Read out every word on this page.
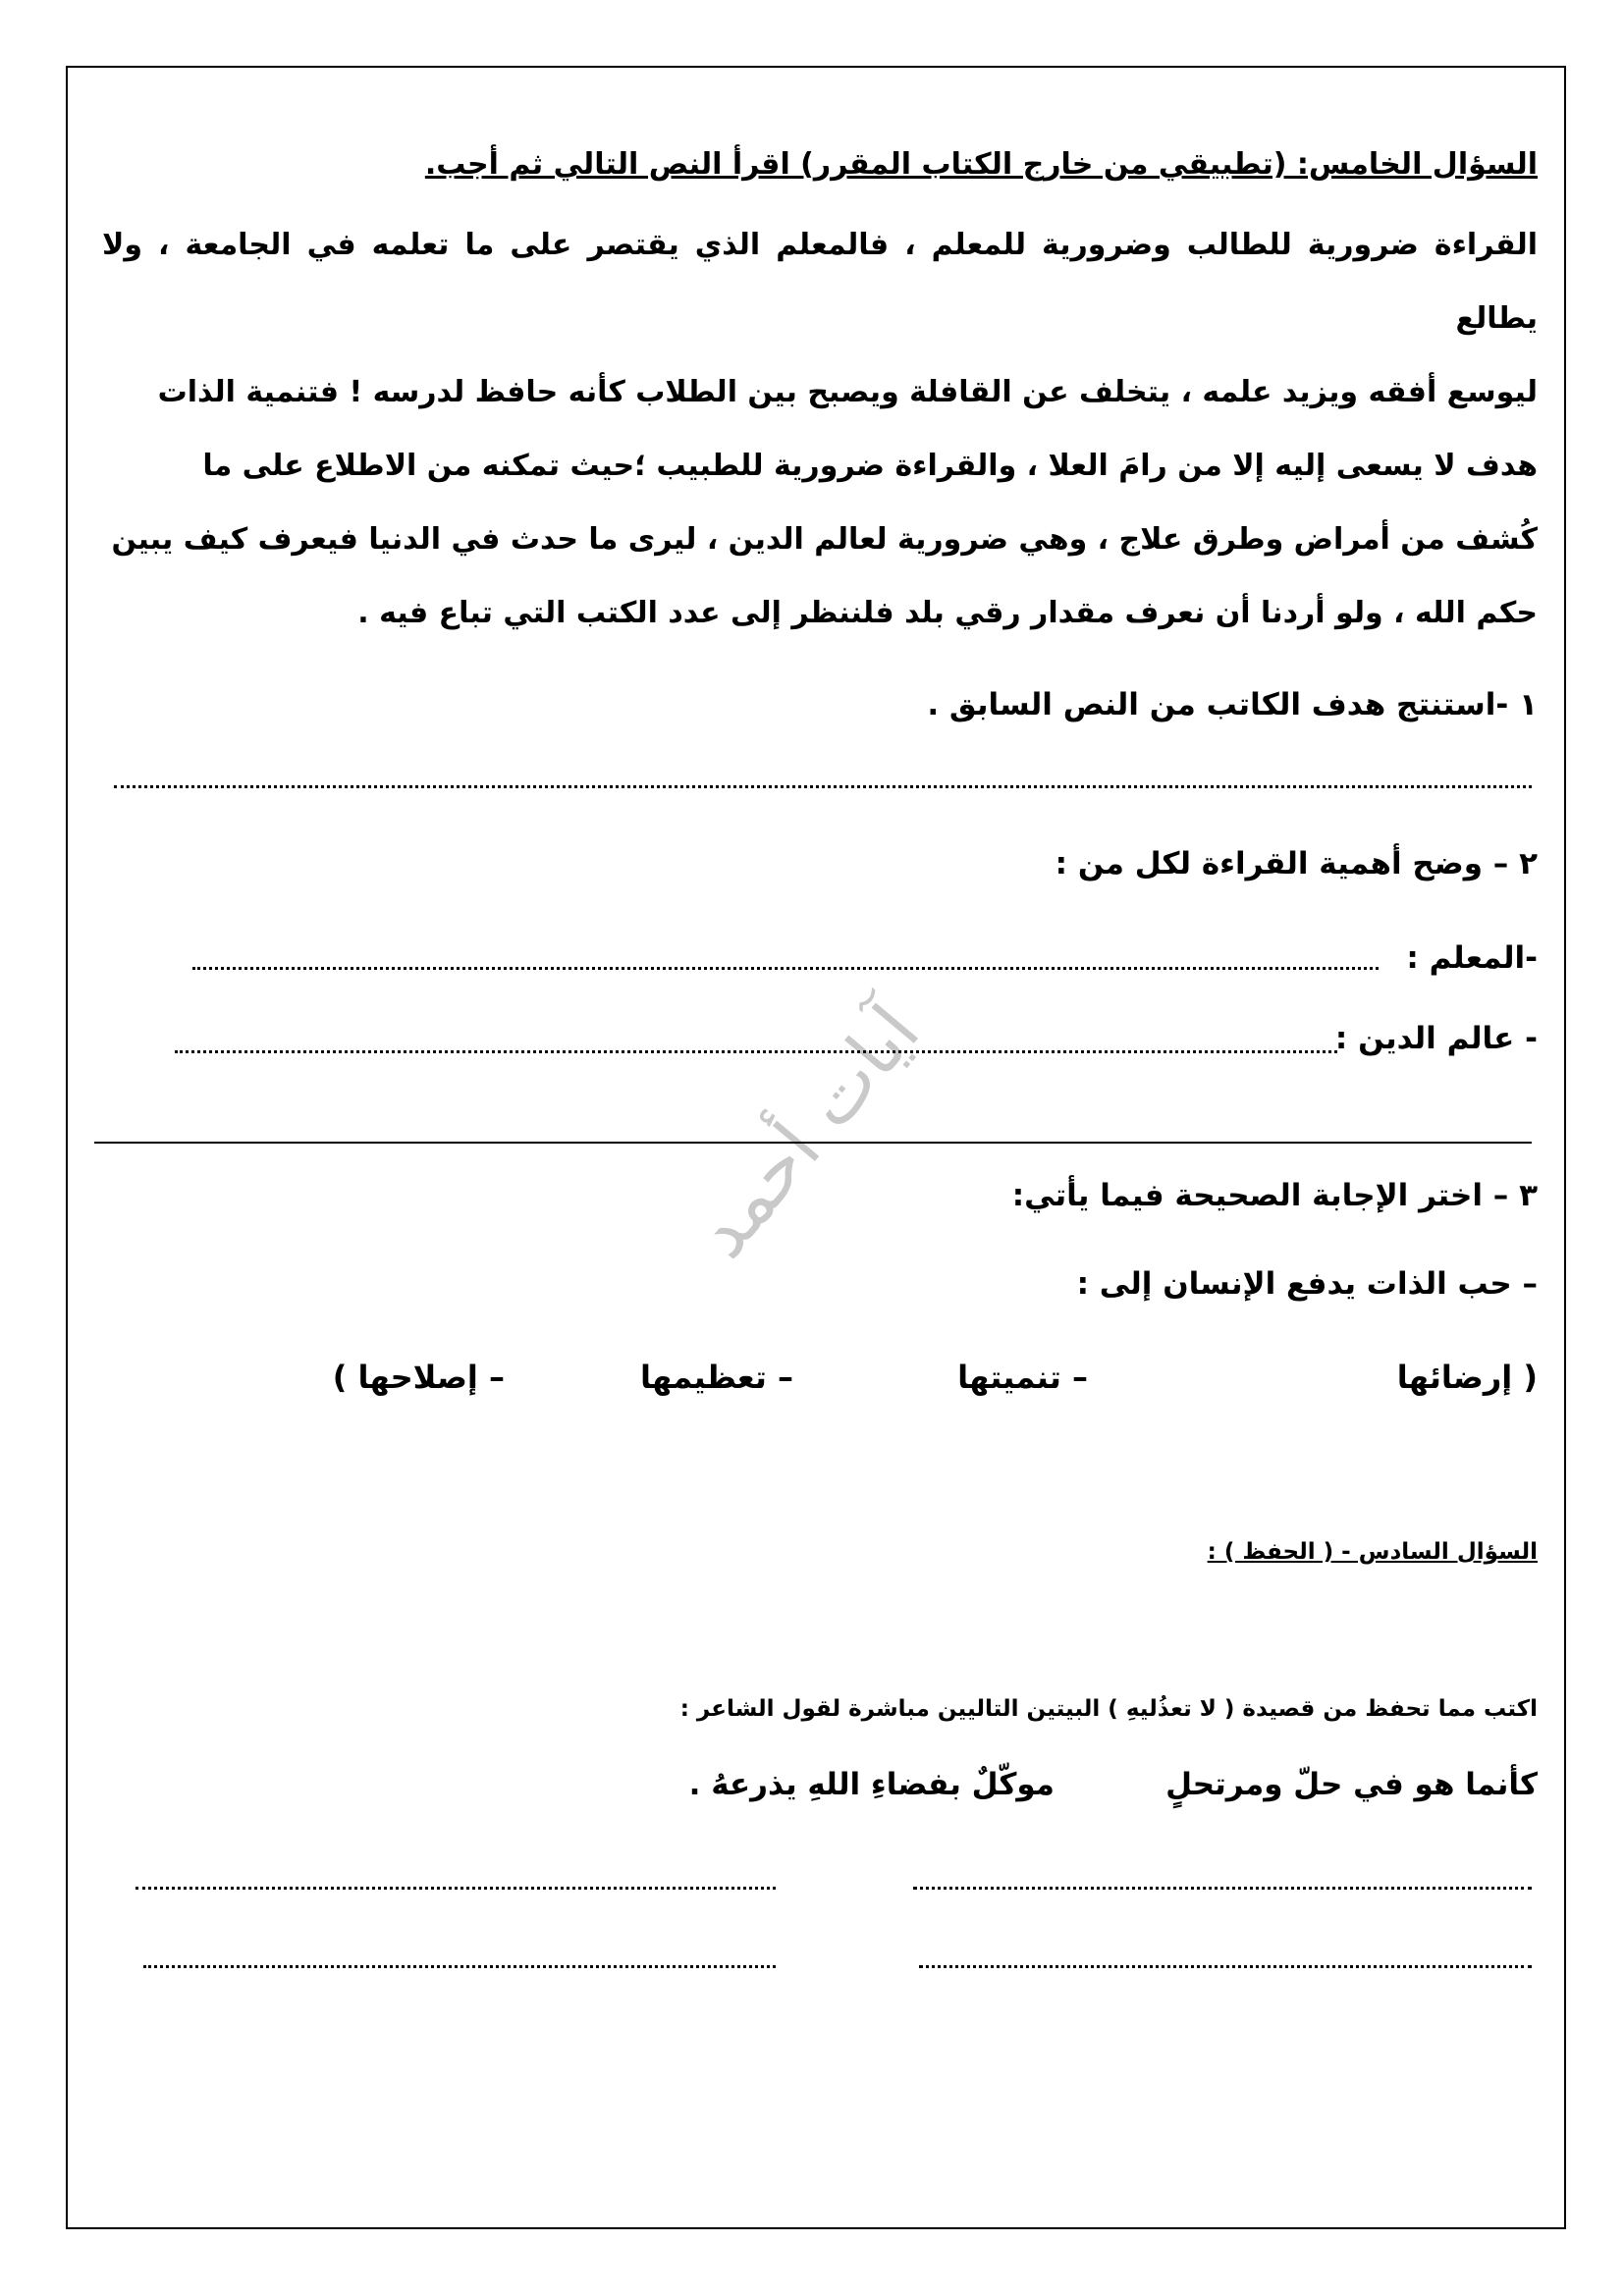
آيات أحمد
السؤال الخامس: (تطبيقي من خارج الكتاب المقرر) اقرأ النص التالي ثم أجب.

القراءة ضرورية للطالب وضرورية للمعلم ، فالمعلم الذي يقتصر على ما تعلمه في الجامعة ، ولا يطالع

ليوسع أفقه ويزيد علمه ، يتخلف عن القافلة ويصبح بين الطلاب كأنه حافظ لدرسه ! فتنمية الذات

هدف لا يسعى إليه إلا من رامَ العلا ، والقراءة ضرورية للطبيب ؛حيث تمكنه من الاطلاع على ما

كُشف من أمراض وطرق علاج ، وهي ضرورية لعالم الدين ، ليرى ما حدث في الدنيا فيعرف كيف يبين

حكم الله ، ولو أردنا أن نعرف مقدار رقي بلد فلننظر إلى عدد الكتب التي تباع فيه .

١ -استنتج هدف الكاتب من النص السابق .
٢ – وضح أهمية القراءة لكل من :
-المعلم :
- عالم الدين :
٣ – اختر الإجابة الصحيحة فيما يأتي:
– حب الذات يدفع الإنسان إلى :
( إرضائها
– تنميتها
– تعظيمها
– إصلاحها )
السؤال السادس - ( الحفظ ) :
اكتب مما تحفظ من قصيدة ( لا تعذُليهِ ) البيتين التاليين مباشرة لقول الشاعر :
كأنما هو في حلّ ومرتحلٍ
موكّلٌ بفضاءِ اللهِ يذرعهُ .
